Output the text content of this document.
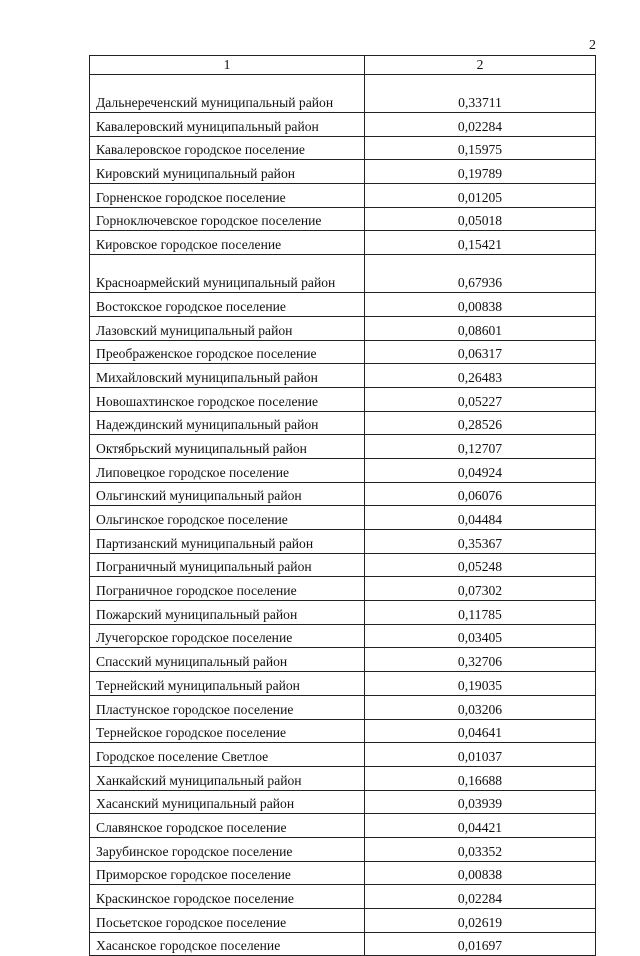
2
1	2
Дальнереченский муниципальный район	0,33711
Кавалеровский муниципальный район	0,02284
Кавалеровское городское поселение	0,15975
Кировский муниципальный район	0,19789
Горненское городское поселение	0,01205
Горноключевское городское поселение	0,05018
Кировское городское поселение	0,15421
Красноармейский муниципальный район	0,67936
Востокское городское поселение	0,00838
Лазовский муниципальный район	0,08601
Преображенское городское поселение	0,06317
Михайловский муниципальный район	0,26483
Новошахтинское городское поселение	0,05227
Надеждинский муниципальный район	0,28526
Октябрьский муниципальный район	0,12707
Липовецкое городское поселение	0,04924
Ольгинский муниципальный район	0,06076
Ольгинское городское поселение	0,04484
Партизанский муниципальный район	0,35367
Пограничный муниципальный район	0,05248
Пограничное городское поселение	0,07302
Пожарский муниципальный район	0,11785
Лучегорское городское поселение	0,03405
Спасский муниципальный район	0,32706
Тернейский муниципальный район	0,19035
Пластунское городское поселение	0,03206
Тернейское городское поселение	0,04641
Городское поселение Светлое	0,01037
Ханкайский муниципальный район	0,16688
Хасанский муниципальный район	0,03939
Славянское городское поселение	0,04421
Зарубинское городское поселение	0,03352
Приморское городское поселение	0,00838
Краскинское городское поселение	0,02284
Посьетское городское поселение	0,02619
Хасанское городское поселение	0,01697
